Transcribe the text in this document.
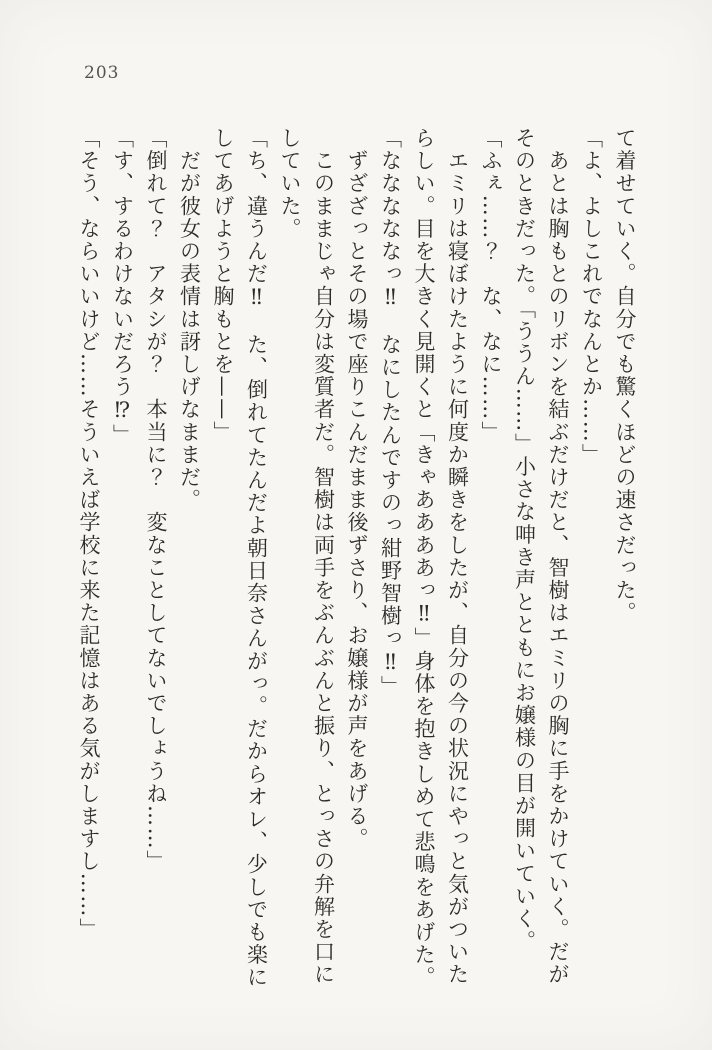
203
て着せていく。自分でも驚くほどの速さだった。
「よ、よしこれでなんとか……」
　あとは胸もとのリボンを結ぶだけだと、智樹はエミリの胸に手をかけていく。だが
そのときだった。「ううん……」小さな呻き声とともにお嬢様の目が開いていく。
「ふぇ……？　な、なに……」
　エミリは寝ぼけたように何度か瞬きをしたが、自分の今の状況にやっと気がついた
らしい。目を大きく見開くと「きゃああああっ‼」身体を抱きしめて悲鳴をあげた。
「なななななっ‼　なにしたんですのっ紺野智樹っ‼」
　ずざざっとその場で座りこんだまま後ずさり、お嬢様が声をあげる。
　このままじゃ自分は変質者だ。智樹は両手をぶんぶんと振り、とっさの弁解を口に
していた。
「ち、違うんだ‼　た、倒れてたんだよ朝日奈さんがっ。だからオレ、少しでも楽に
してあげようと胸もとを——」
　だが彼女の表情は訝しげなままだ。
「倒れて？　アタシが？　本当に？　変なことしてないでしょうね……」
「す、するわけないだろう⁉」
「そう、ならいいけど……そういえば学校に来た記憶はある気がしますし……」
